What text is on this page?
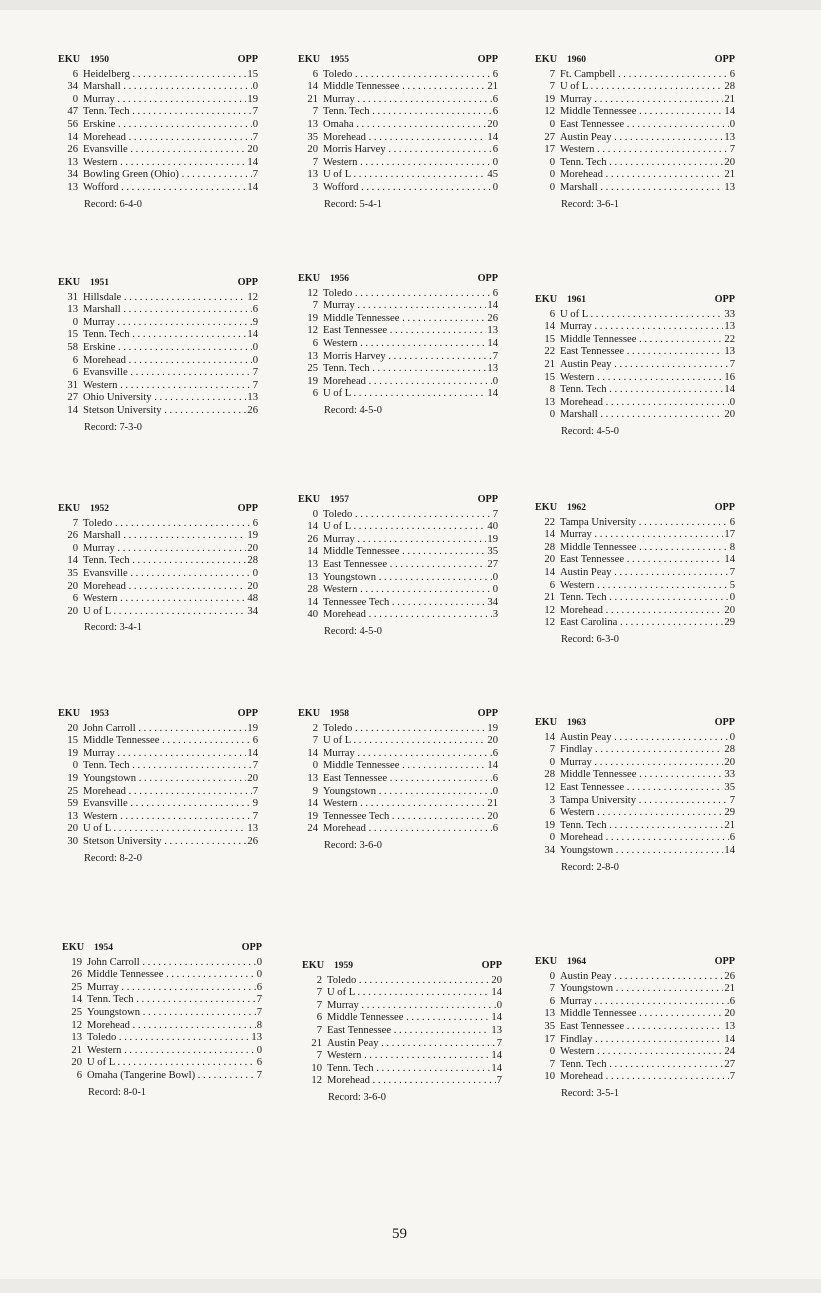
EKU	1950	OPP
6 Heidelberg . . .	15
34 Marshall . . .	0
0 Murray . . .	19
47 Tenn. Tech . . .	7
56 Erskine . . .	0
14 Morehead . . .	7
26 Evansville . . .	20
13 Western . . .	14
34 Bowling Green (Ohio) . . .	7
13 Wofford . . .	14
Record: 6-4-0
EKU	1955	OPP
6 Toledo . . .	6
14 Middle Tennessee . . .	21
21 Murray . . .	6
7 Tenn. Tech . . .	6
13 Omaha . . .	20
35 Morehead . . .	14
20 Morris Harvey . . .	6
7 Western . . .	0
13 U of L . . .	45
3 Wofford . . .	0
Record: 5-4-1
EKU	1960	OPP
7 Ft. Campbell . . .	6
7 U of L . . .	28
19 Murray . . .	21
12 Middle Tennessee . . .	14
0 East Tennessee . . .	0
27 Austin Peay . . .	13
17 Western . . .	7
0 Tenn. Tech . . .	20
0 Morehead . . .	21
0 Marshall . . .	13
Record: 3-6-1
EKU	1951	OPP
31 Hillsdale . . .	12
13 Marshall . . .	6
0 Murray . . .	9
15 Tenn. Tech . . .	14
58 Erskine . . .	0
6 Morehead . . .	0
6 Evansville . . .	7
31 Western . . .	7
27 Ohio University . . .	13
14 Stetson University . . .	26
Record: 7-3-0
EKU	1956	OPP
12 Toledo . . .	6
7 Murray . . .	14
19 Middle Tennessee . . .	26
12 East Tennessee . . .	13
6 Western . . .	14
13 Morris Harvey . . .	7
25 Tenn. Tech . . .	13
19 Morehead . . .	0
6 U of L . . .	14
Record: 4-5-0
EKU	1961	OPP
6 U of L . . .	33
14 Murray . . .	13
15 Middle Tennessee . . .	22
22 East Tennessee . . .	13
21 Austin Peay . . .	7
15 Western . . .	16
8 Tenn. Tech . . .	14
13 Morehead . . .	0
0 Marshall . . .	20
Record: 4-5-0
EKU	1952	OPP
7 Toledo . . .	6
26 Marshall . . .	19
0 Murray . . .	20
14 Tenn. Tech . . .	28
35 Evansville . . .	0
20 Morehead . . .	20
6 Western . . .	48
20 U of L . . .	34
Record: 3-4-1
EKU	1957	OPP
0 Toledo . . .	7
14 U of L . . .	40
26 Murray . . .	19
14 Middle Tennessee . . .	35
13 East Tennessee . . .	27
13 Youngstown . . .	0
28 Western . . .	0
14 Tennessee Tech . . .	34
40 Morehead . . .	3
Record: 4-5-0
EKU	1962	OPP
22 Tampa University . . .	6
14 Murray . . .	17
28 Middle Tennessee . . .	8
20 East Tennessee . . .	14
14 Austin Peay . . .	7
6 Western . . .	5
21 Tenn. Tech . . .	0
12 Morehead . . .	20
12 East Carolina . . .	29
Record: 6-3-0
EKU	1953	OPP
20 John Carroll . . .	19
15 Middle Tennessee . . .	6
19 Murray . . .	14
0 Tenn. Tech . . .	7
19 Youngstown . . .	20
25 Morehead . . .	7
59 Evansville . . .	9
13 Western . . .	7
20 U of L . . .	13
30 Stetson University . . .	26
Record: 8-2-0
EKU	1958	OPP
2 Toledo . . .	19
7 U of L . . .	20
14 Murray . . .	6
0 Middle Tennessee . . .	14
13 East Tennessee . . .	6
9 Youngstown . . .	0
14 Western . . .	21
19 Tennessee Tech . . .	20
24 Morehead . . .	6
Record: 3-6-0
EKU	1963	OPP
14 Austin Peay . . .	0
7 Findlay . . .	28
0 Murray . . .	20
28 Middle Tennessee . . .	33
12 East Tennessee . . .	35
3 Tampa University . . .	7
6 Western . . .	29
19 Tenn. Tech . . .	21
0 Morehead . . .	6
34 Youngstown . . .	14
Record: 2-8-0
EKU	1954	OPP
19 John Carroll . . .	0
26 Middle Tennessee . . .	0
25 Murray . . .	6
14 Tenn. Tech . . .	7
25 Youngstown . . .	7
12 Morehead . . .	8
13 Toledo . . .	13
21 Western . . .	0
20 U of L . . .	6
6 Omaha (Tangerine Bowl) . . .	7
Record: 8-0-1
EKU	1959	OPP
2 Toledo . . .	20
7 U of L . . .	14
7 Murray . . .	0
6 Middle Tennessee . . .	14
7 East Tennessee . . .	13
21 Austin Peay . . .	7
7 Western . . .	14
10 Tenn. Tech . . .	14
12 Morehead . . .	7
Record: 3-6-0
EKU	1964	OPP
0 Austin Peay . . .	26
7 Youngstown . . .	21
6 Murray . . .	6
13 Middle Tennessee . . .	20
35 East Tennessee . . .	13
17 Findlay . . .	14
0 Western . . .	24
7 Tenn. Tech . . .	27
10 Morehead . . .	7
Record: 3-5-1
59
